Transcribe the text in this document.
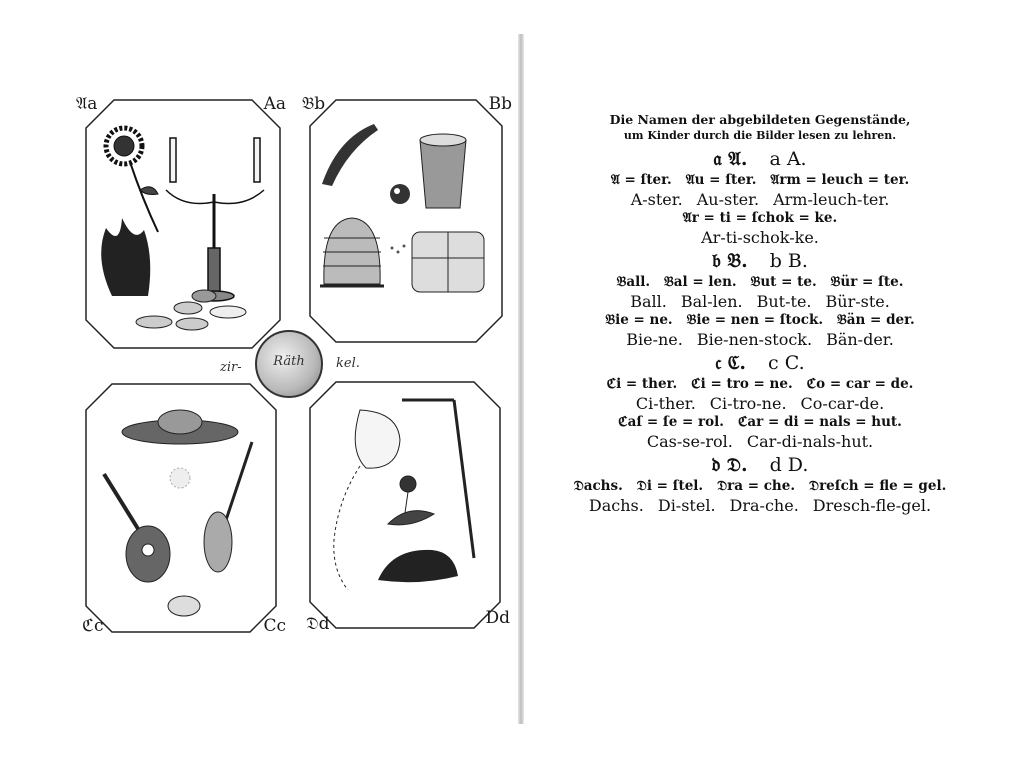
𝔄a	Aa 𝔅b	Bb
Räth
zir-	kel.
ℭc	Cc 𝔇d	Dd

Die Namen der abgebildeten Gegenstände,

um Kinder durch die Bilder lesen zu lehren.

𝔞 𝔄. a A.
𝔄 = ſter. 𝔄u = ſter. 𝔄rm = leuch = ter.
A-ster. Au-ster. Arm-leuch-ter.
𝔄r = ti = ſchok = ke.
Ar-ti-schok-ke.
𝔟 𝔅. b B.
𝔅all. 𝔅al = len. 𝔅ut = te. 𝔅ür = ſte.
Ball. Bal-len. But-te. Bür-ste.
𝔅ie = ne. 𝔅ie = nen = ſtock. 𝔅än = der.
Bie-ne. Bie-nen-stock. Bän-der.
𝔠 ℭ. c C.
ℭi = ther. ℭi = tro = ne. ℭo = car = de.
Ci-ther. Ci-tro-ne. Co-car-de.
ℭaſ = ſe = rol. ℭar = di = nals = hut.
Cas-se-rol. Car-di-nals-hut.
𝔡 𝔇. d D.
𝔇achs. 𝔇i = ſtel. 𝔇ra = che. 𝔇reſch = fle = gel.
Dachs. Di-stel. Dra-che. Dresch-fle-gel.
